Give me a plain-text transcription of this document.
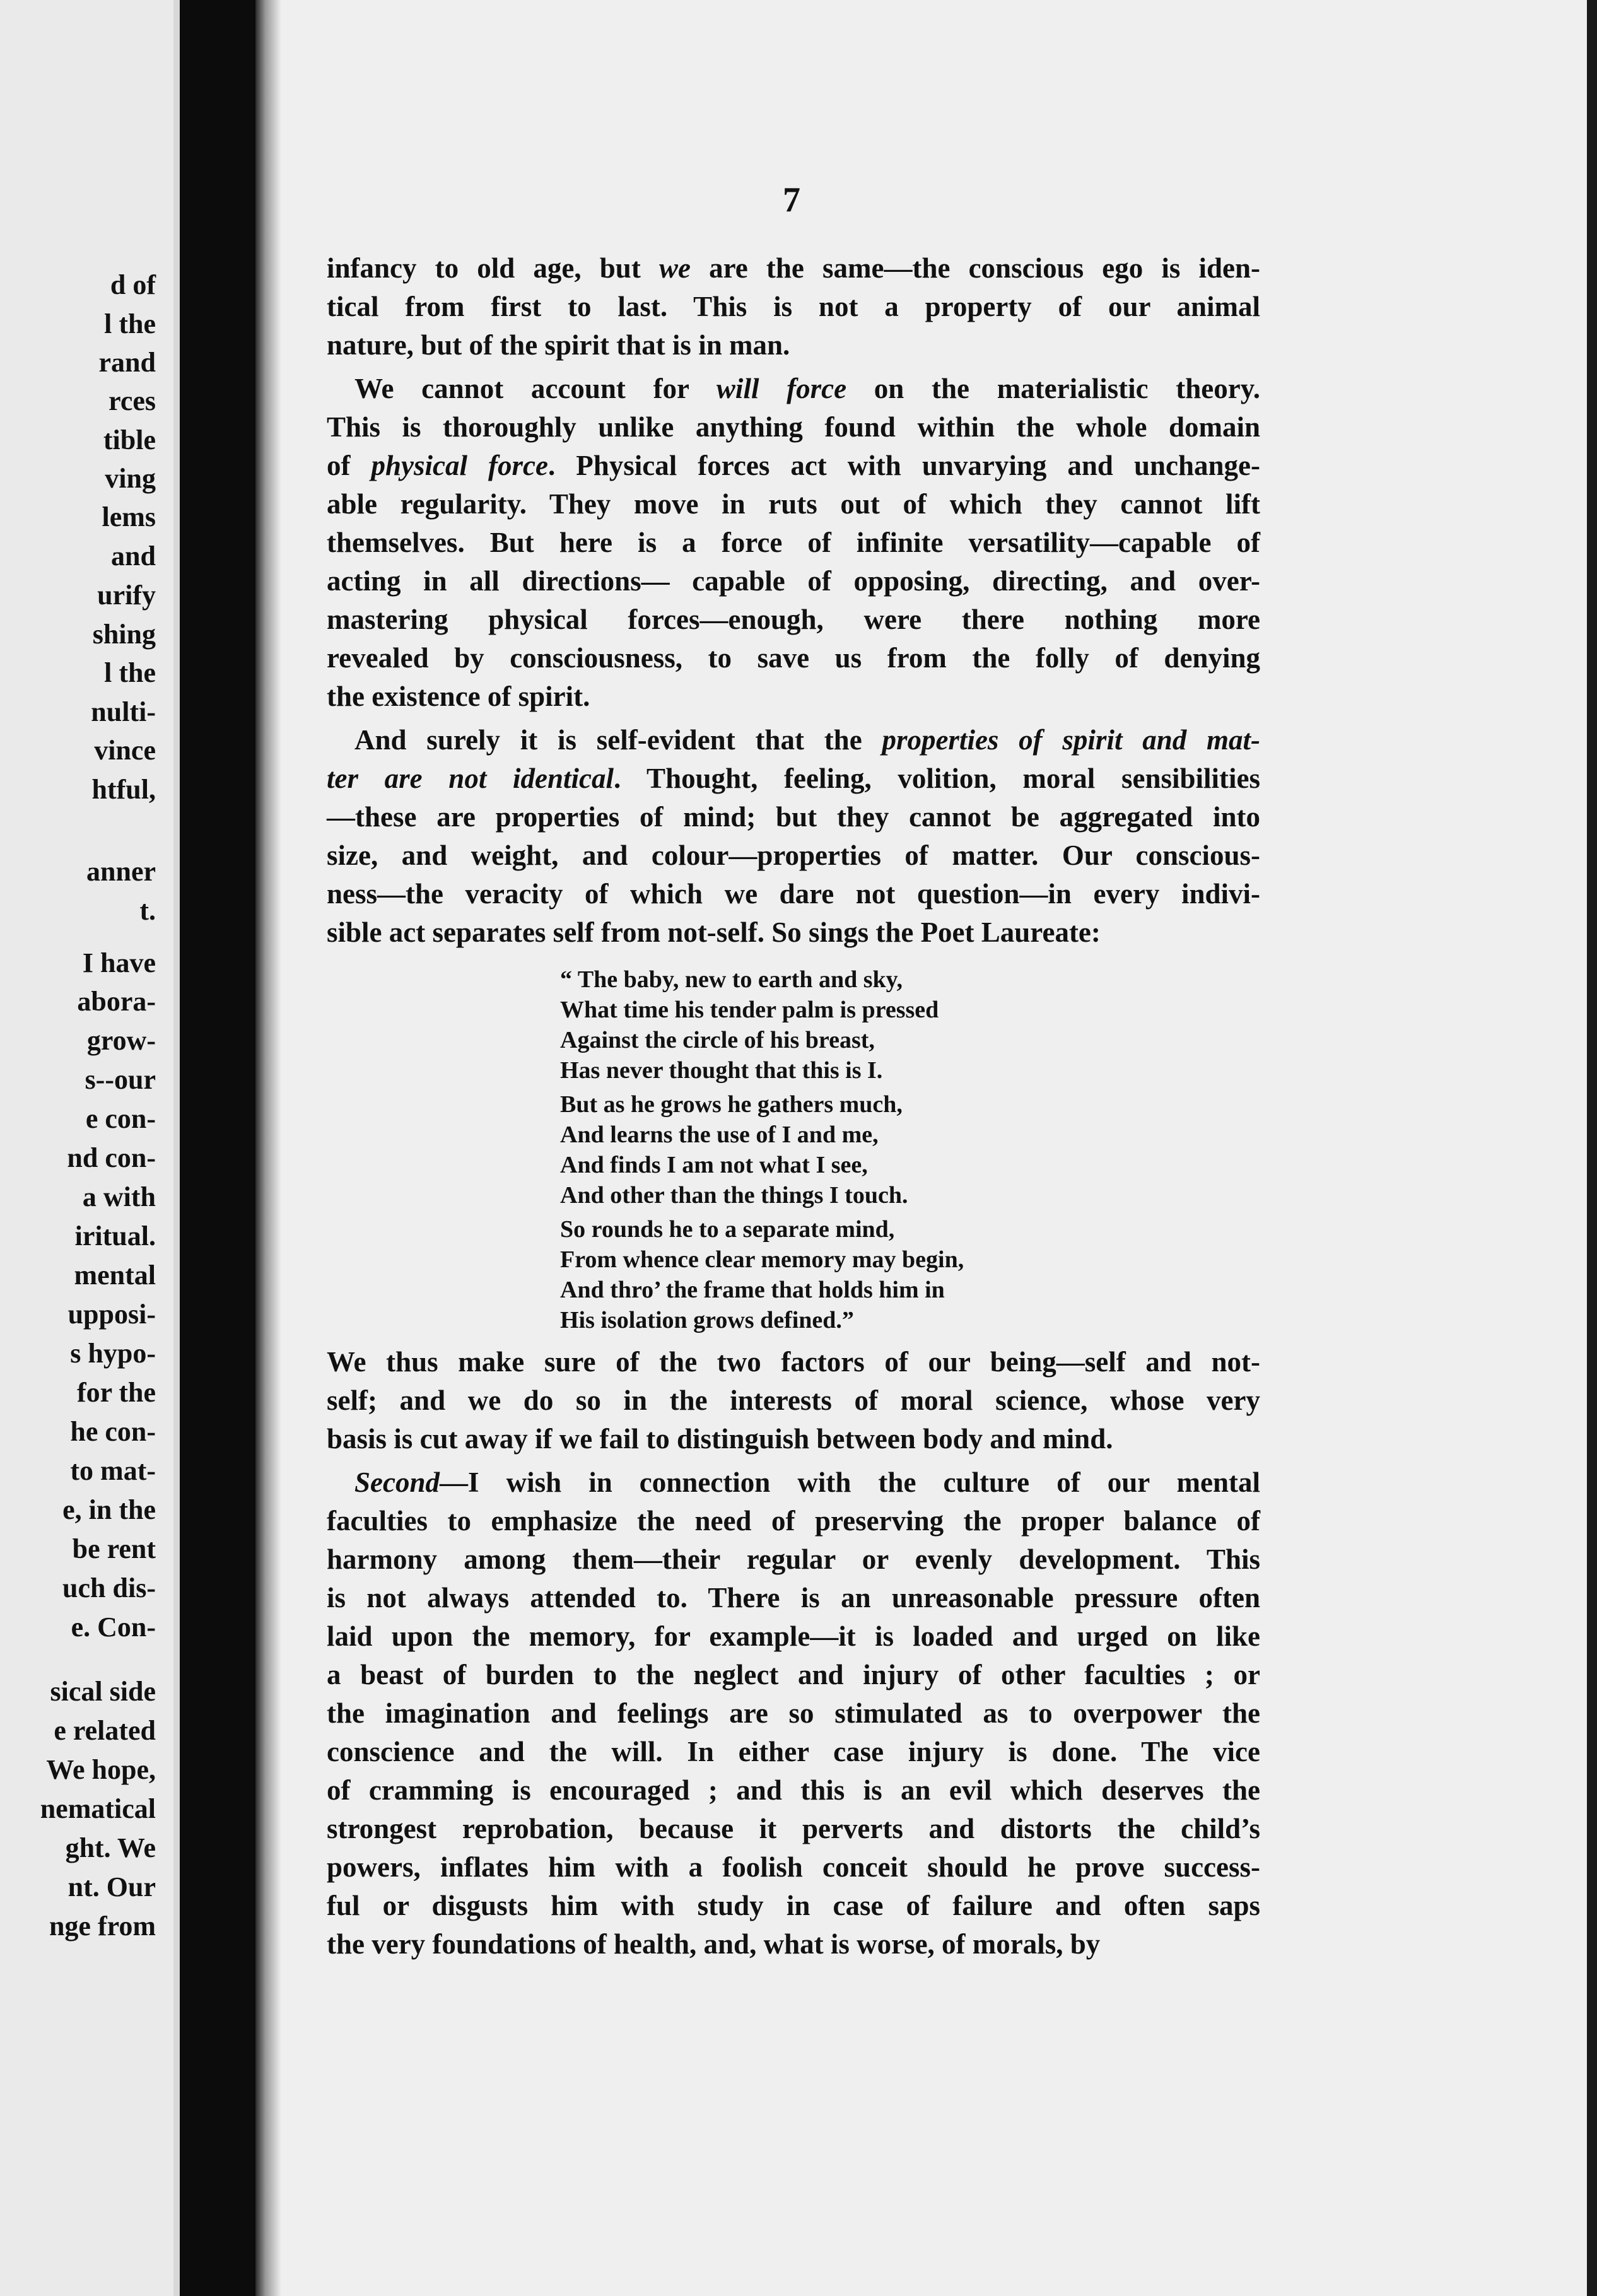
d of
l the
rand
rces
tible
ving
lems
and
urify
shing
l the
nulti-
vince
htful,
anner
t.
I have
abora-
grow-
s--our
e con-
nd con-
a with
iritual.
mental
upposi-
s hypo-
for the
he con-
to mat-
e, in the
be rent
uch dis-
e. Con-
sical side
e related
We hope,
nematical
ght. We
nt. Our
nge from
7
infancy to old age, but we are the same—the conscious ego is iden-
tical from first to last. This is not a property of our animal
nature, but of the spirit that is in man.
We cannot account for will force on the materialistic theory.
This is thoroughly unlike anything found within the whole domain
of physical force. Physical forces act with unvarying and unchange-
able regularity. They move in ruts out of which they cannot lift
themselves. But here is a force of infinite versatility—capable of
acting in all directions— capable of opposing, directing, and over-
mastering physical forces—enough, were there nothing more
revealed by consciousness, to save us from the folly of denying
the existence of spirit.
And surely it is self-evident that the properties of spirit and mat-
ter are not identical. Thought, feeling, volition, moral sensibilities
—these are properties of mind; but they cannot be aggregated into
size, and weight, and colour—properties of matter. Our conscious-
ness—the veracity of which we dare not question—in every indivi-
sible act separates self from not-self. So sings the Poet Laureate:
“ The baby, new to earth and sky,
What time his tender palm is pressed
Against the circle of his breast,
Has never thought that this is I.
But as he grows he gathers much,
And learns the use of I and me,
And finds I am not what I see,
And other than the things I touch.
So rounds he to a separate mind,
From whence clear memory may begin,
And thro’ the frame that holds him in
His isolation grows defined.”
We thus make sure of the two factors of our being—self and not-
self; and we do so in the interests of moral science, whose very
basis is cut away if we fail to distinguish between body and mind.
Second—I wish in connection with the culture of our mental
faculties to emphasize the need of preserving the proper balance of
harmony among them—their regular or evenly development. This
is not always attended to. There is an unreasonable pressure often
laid upon the memory, for example—it is loaded and urged on like
a beast of burden to the neglect and injury of other faculties ; or
the imagination and feelings are so stimulated as to overpower the
conscience and the will. In either case injury is done. The vice
of cramming is encouraged ; and this is an evil which deserves the
strongest reprobation, because it perverts and distorts the child’s
powers, inflates him with a foolish conceit should he prove success-
ful or disgusts him with study in case of failure and often saps
the very foundations of health, and, what is worse, of morals, by
